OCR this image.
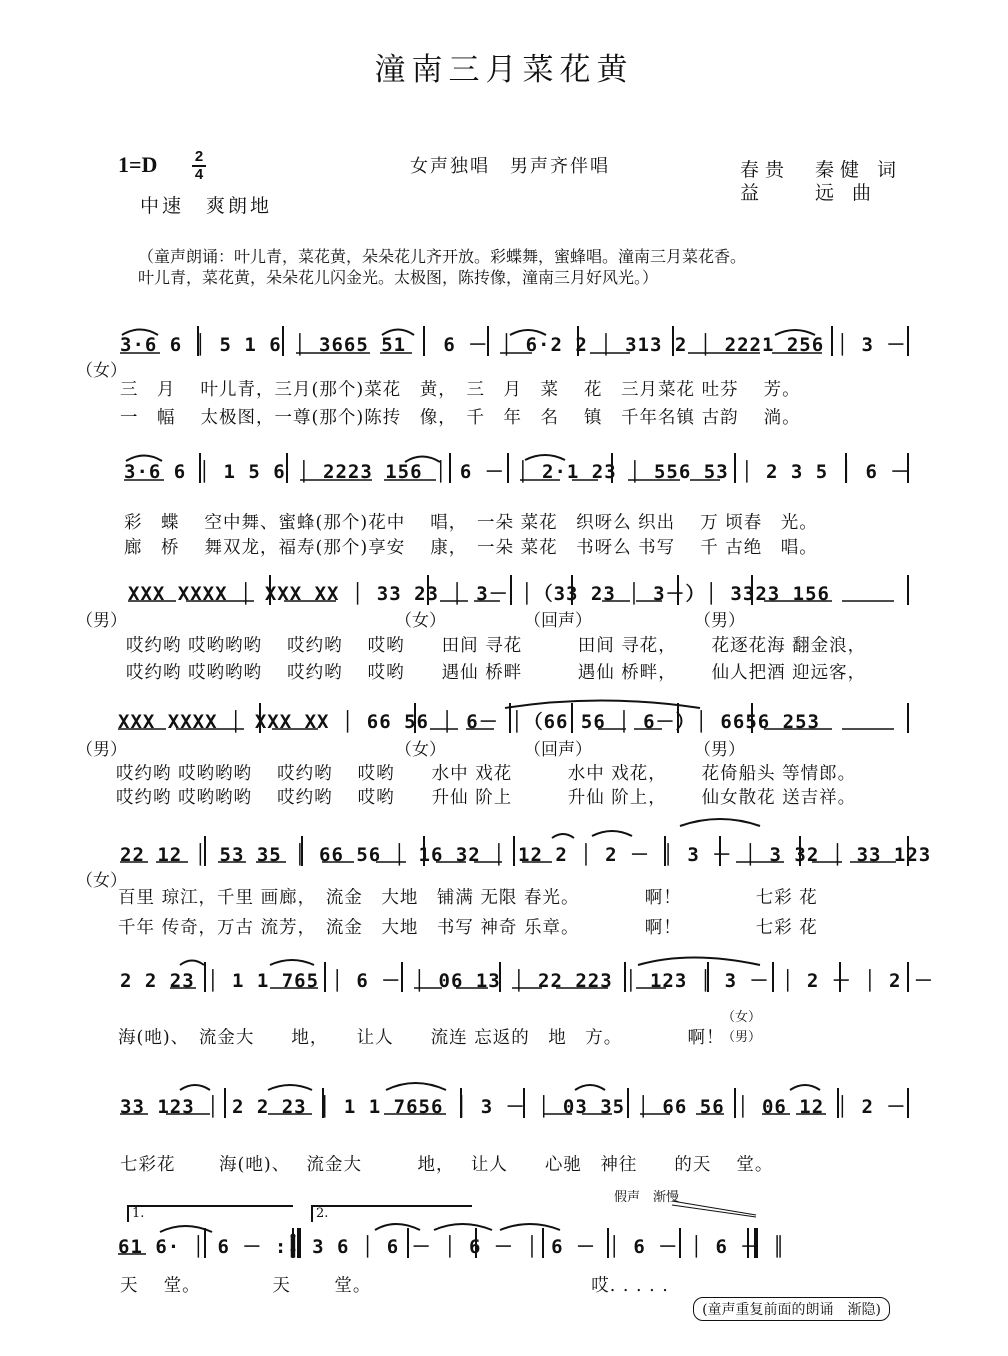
潼南三月菜花黄
1=D 2
4
中速　爽朗地
女声独唱　男声齐伴唱	春贵　秦健 词
益　　远 曲
（童声朗诵：叶儿青，菜花黄，朵朵花儿齐开放。彩蝶舞，蜜蜂唱。潼南三月菜花香。
叶儿青，菜花黄，朵朵花儿闪金光。太极图，陈抟像，潼南三月好风光。）
（女）
3·6 6 │ 5 1 6 │ 3665 51 │ 6 － │ 6·2 2 │ 313 2 │ 2221 256 │ 3 －
三　月　 叶儿青，三月(那个)菜花　黄，　三　月　菜　 花　三月菜花 吐芬　 芳。
一　幅　 太极图，一尊(那个)陈抟　像，　千　年　名　 镇　千年名镇 古韵　 淌。
3·6 6 │ 1 5 6 │ 2223 156 │ 6 － │ 2·1 23 │ 556 53 │ 2 3 5 │ 6 －
彩　蝶　 空中舞、蜜蜂(那个)花中　 唱，　一朵 菜花　织呀么 织出　 万 顷春　光。
廊　桥　 舞双龙，福寿(那个)享安　 康，　一朵 菜花　书呀么 书写　 千 古绝　唱。
（男）
XXX XXXX │ XXX XX │ 33 23 │ 3－ │（33 23 │ 3－）│ 3323 156
（女）	（回声）	（男）
哎约哟 哎哟哟哟　 哎约哟　 哎哟　　田间 寻花　　　田间 寻花，　　 花逐花海 翻金浪，
哎约哟 哎哟哟哟　 哎约哟　 哎哟　　遇仙 桥畔　　　遇仙 桥畔，　　 仙人把酒 迎远客，
（男）
XXX XXXX │ XXX XX │ 66 56 │ 6－ │（66 56 │ 6－）│ 6656 253
（女）	（回声）	（男）
哎约哟 哎哟哟哟　 哎约哟　 哎哟　　水中 戏花　　　水中 戏花，　　 花倚船头 等情郎。
哎约哟 哎哟哟哟　 哎约哟　 哎哟　　升仙 阶上　　　升仙 阶上，　　 仙女散花 送吉祥。
（女）
22 12 │ 53 35 │ 66 56 │ 16 32 │ 12 2 │ 2 － │ 3 － │ 3 32 │ 33 123
百里 琼江，千里 画廊，　流金　大地　铺满 无限 春光。　　　　啊！　　　　七彩 花
千年 传奇，万古 流芳，　流金　大地　书写 神奇 乐章。　　　　啊！　　　　七彩 花
2 2 23 │ 1 1 765 │ 6 － │ 06 13 │ 22 223 │ 123 │ 3 － │ 2 － │ 2 －
海(吔)、　流金大　　地，　　让人　　流连 忘返的　地　方。　　　　啊！
（女）
（男）
33 123 │ 2 2 23 │ 1 1 7656 │ 3 － │ 03 35 │ 66 56 │ 06 12 │ 2 －
七彩花　　 海(吔)、　 流金大　　　地，　 让人　　心驰　神往　　的天　 堂。
1.	2.
假声　渐慢
61 6· │ 6 － :║ 3 6 │ 6 － │ 6 － │ 6 － │ 6 － │ 6 － ║
天　 堂。　　　　 天　　 堂。　　　　　　　　　　　　 哎. . . . .
(童声重复前面的朗诵　渐隐)
